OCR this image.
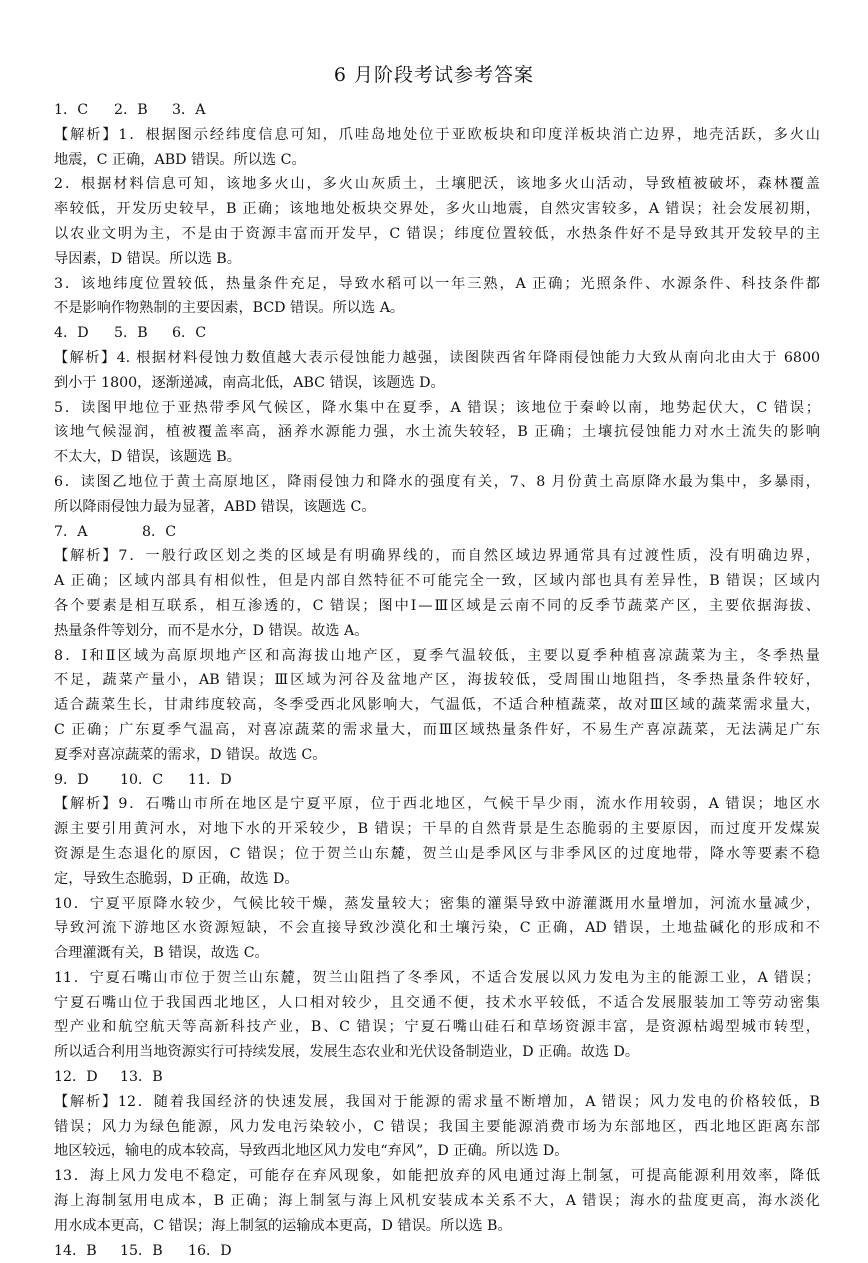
6 月阶段考试参考答案
1．C 2．B 3．A
【解析】1．根据图示经纬度信息可知，爪哇岛地处位于亚欧板块和印度洋板块消亡边界，地壳活跃，多火山
地震，C 正确，ABD 错误。所以选 C。
2．根据材料信息可知，该地多火山，多火山灰质土，土壤肥沃，该地多火山活动，导致植被破坏，森林覆盖
率较低，开发历史较早，B 正确；该地地处板块交界处，多火山地震，自然灾害较多，A 错误；社会发展初期，
以农业文明为主，不是由于资源丰富而开发早，C 错误；纬度位置较低，水热条件好不是导致其开发较早的主
导因素，D 错误。所以选 B。
3．该地纬度位置较低，热量条件充足，导致水稻可以一年三熟，A 正确；光照条件、水源条件、科技条件都
不是影响作物熟制的主要因素，BCD 错误。所以选 A。
4．D 5．B 6．C
【解析】4. 根据材料侵蚀力数值越大表示侵蚀能力越强，读图陕西省年降雨侵蚀能力大致从南向北由大于 6800
到小于 1800，逐渐递减，南高北低，ABC 错误，该题选 D。
5．读图甲地位于亚热带季风气候区，降水集中在夏季，A 错误；该地位于秦岭以南，地势起伏大，C 错误；
该地气候湿润，植被覆盖率高，涵养水源能力强，水土流失较轻，B 正确；土壤抗侵蚀能力对水土流失的影响
不太大，D 错误，该题选 B。
6．读图乙地位于黄土高原地区，降雨侵蚀力和降水的强度有关，7、8 月份黄土高原降水最为集中，多暴雨，
所以降雨侵蚀力最为显著，ABD 错误，该题选 C。
7．A	8．C
【解析】7．一般行政区划之类的区域是有明确界线的，而自然区域边界通常具有过渡性质，没有明确边界，
A 正确；区域内部具有相似性，但是内部自然特征不可能完全一致，区域内部也具有差异性，B 错误；区域内
各个要素是相互联系，相互渗透的，C 错误；图中Ⅰ—Ⅲ区域是云南不同的反季节蔬菜产区，主要依据海拔、
热量条件等划分，而不是水分，D 错误。故选 A。
8．Ⅰ和Ⅱ区域为高原坝地产区和高海拔山地产区，夏季气温较低，主要以夏季种植喜凉蔬菜为主，冬季热量
不足，蔬菜产量小，AB 错误；Ⅲ区域为河谷及盆地产区，海拔较低，受周围山地阻挡，冬季热量条件较好，
适合蔬菜生长，甘肃纬度较高，冬季受西北风影响大，气温低，不适合种植蔬菜，故对Ⅲ区域的蔬菜需求量大，
C 正确；广东夏季气温高，对喜凉蔬菜的需求量大，而Ⅲ区域热量条件好，不易生产喜凉蔬菜，无法满足广东
夏季对喜凉蔬菜的需求，D 错误。故选 C。
9．D 10．C 11．D
【解析】9．石嘴山市所在地区是宁夏平原，位于西北地区，气候干旱少雨，流水作用较弱，A 错误；地区水
源主要引用黄河水，对地下水的开采较少，B 错误；干旱的自然背景是生态脆弱的主要原因，而过度开发煤炭
资源是生态退化的原因，C 错误；位于贺兰山东麓，贺兰山是季风区与非季风区的过度地带，降水等要素不稳
定，导致生态脆弱，D 正确，故选 D。
10．宁夏平原降水较少，气候比较干燥，蒸发量较大；密集的灌渠导致中游灌溉用水量增加，河流水量减少，
导致河流下游地区水资源短缺，不会直接导致沙漠化和土壤污染，C 正确，AD 错误，土地盐碱化的形成和不
合理灌溉有关，B 错误，故选 C。
11．宁夏石嘴山市位于贺兰山东麓，贺兰山阻挡了冬季风，不适合发展以风力发电为主的能源工业，A 错误；
宁夏石嘴山位于我国西北地区，人口相对较少，且交通不便，技术水平较低，不适合发展服装加工等劳动密集
型产业和航空航天等高新科技产业，B、C 错误；宁夏石嘴山硅石和草场资源丰富，是资源枯竭型城市转型，
所以适合利用当地资源实行可持续发展，发展生态农业和光伏设备制造业，D 正确。故选 D。
12．D 13．B
【解析】12．随着我国经济的快速发展，我国对于能源的需求量不断增加，A 错误；风力发电的价格较低，B
错误；风力为绿色能源，风力发电污染较小，C 错误；我国主要能源消费市场为东部地区，西北地区距离东部
地区较远，输电的成本较高，导致西北地区风力发电“弃风”，D 正确。所以选 D。
13．海上风力发电不稳定，可能存在弃风现象，如能把放弃的风电通过海上制氢，可提高能源利用效率，降低
海上海制氢用电成本，B 正确；海上制氢与海上风机安装成本关系不大，A 错误；海水的盐度更高，海水淡化
用水成本更高，C 错误；海上制氢的运输成本更高，D 错误。所以选 B。
14．B 15．B 16．D
